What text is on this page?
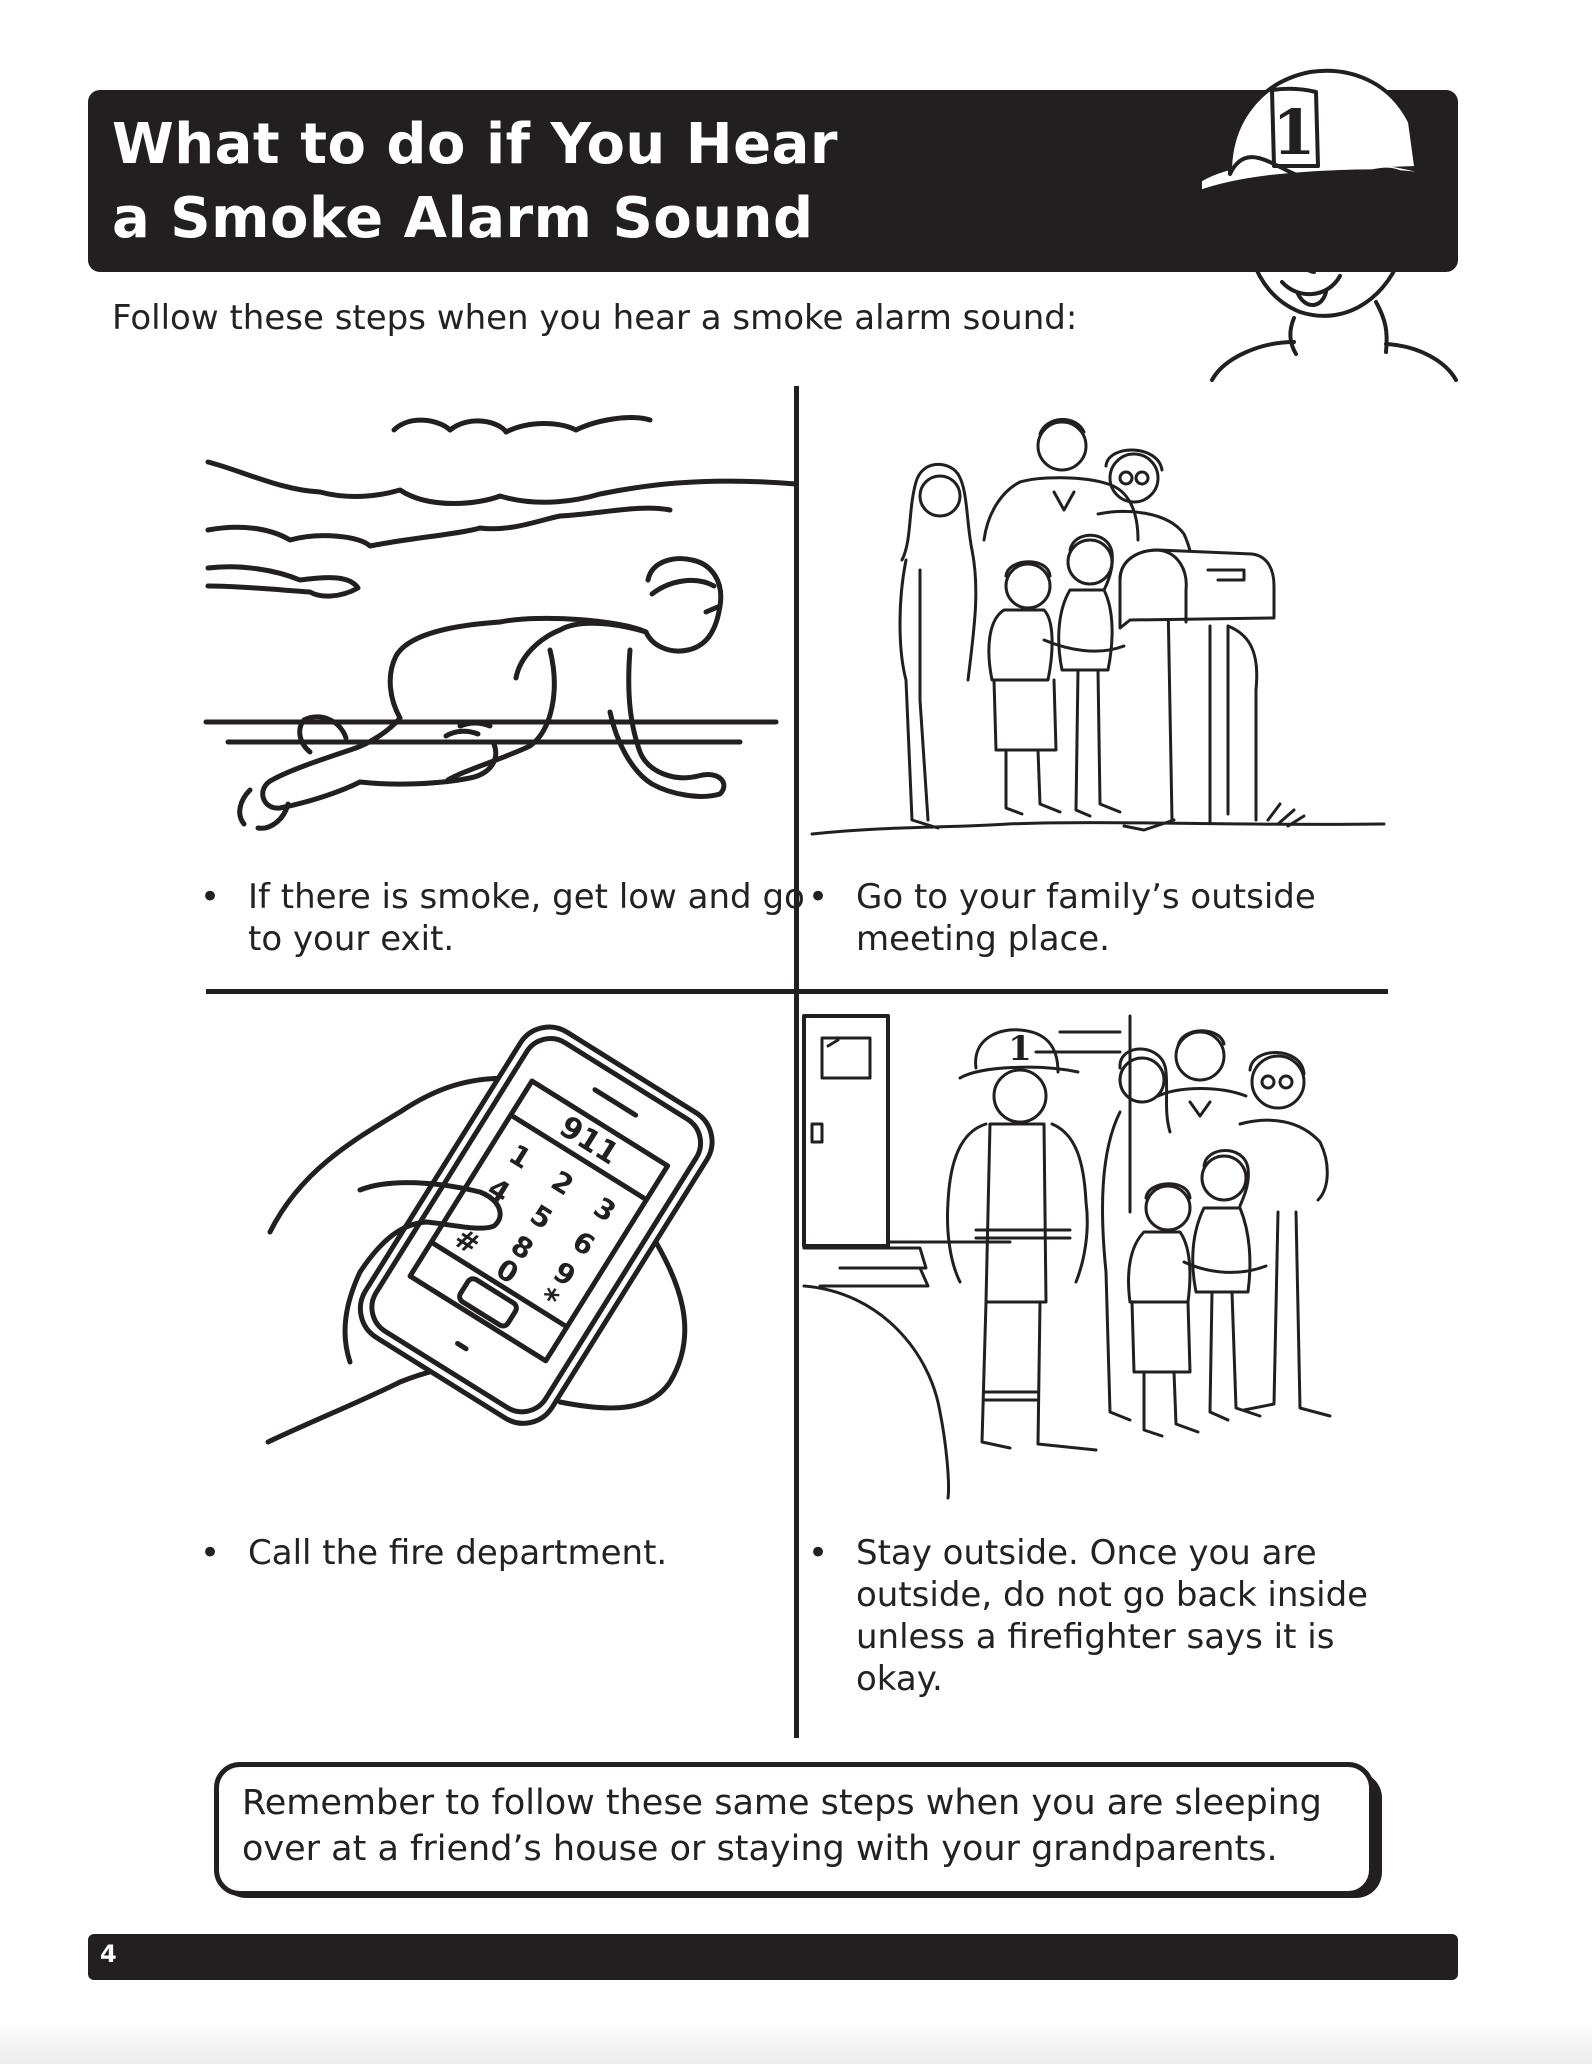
What to do if You Hear
a Smoke Alarm Sound
1

Follow these steps when you hear a smoke alarm sound:

• If there is smoke, get low and go to your exit.

• Go to your family’s outside meeting place.

911
1
2
3
4
5
6
8
9
#
0
*

• Call the fire department.

1

• Stay outside. Once you are outside, do not go back inside unless a firefighter says it is okay.

Remember to follow these same steps when you are sleeping over at a friend’s house or staying with your grandparents.

4
